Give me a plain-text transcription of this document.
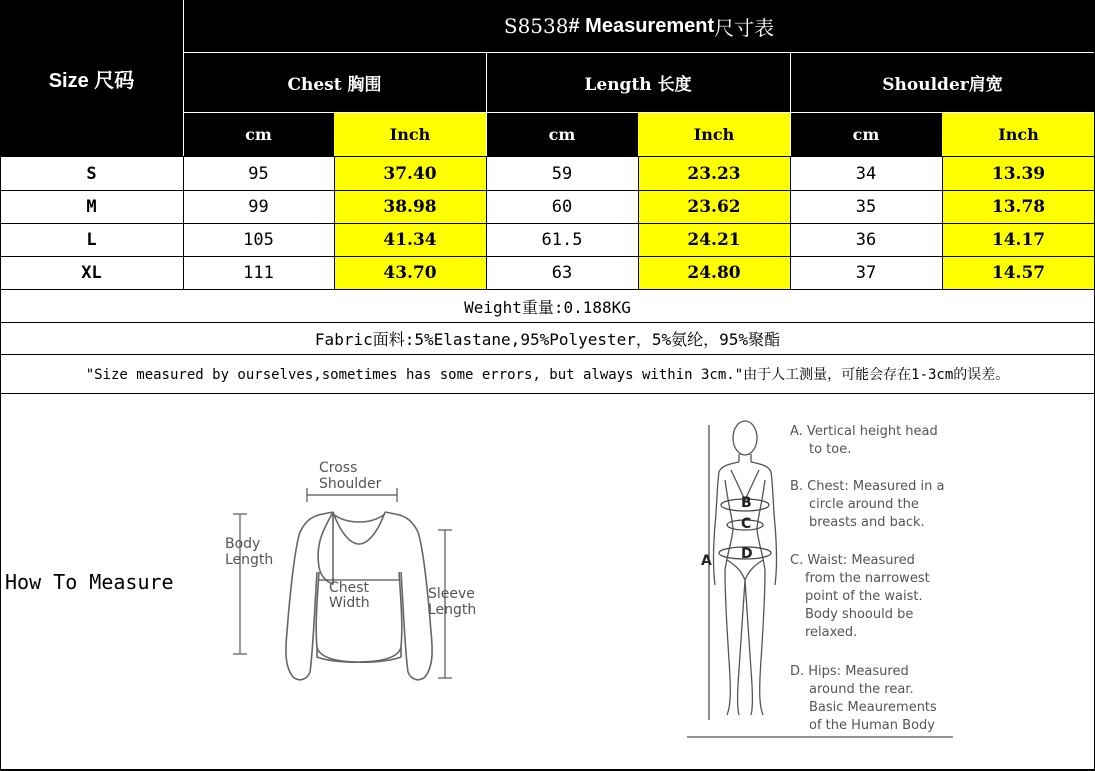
Size 尺码
S8538 # Measurement 尺寸表
Chest 胸围	Length 长度	Shoulder肩宽
cm	Inch	cm	Inch	cm	Inch
S	95	37.40	59	23.23	34	13.39
M	99	38.98	60	23.62	35	13.78
L	105	41.34	61.5	24.21	36	14.17
XL	111	43.70	63	24.80	37	14.57
Weight重量:0.188KG
Fabric面料:5%Elastane,95%Polyester，5%氨纶，95%聚酯
"Size measured by ourselves,sometimes has some errors, but always within 3cm."由于人工测量，可能会存在1-3cm的误差。
How To Measure
Cross
Shoulder
Body
Length
Chest
Width
Sleeve
Length
B
C
D
A
A. Vertical height head
to toe.
B. Chest: Measured in a
circle around the
breasts and back.
C. Waist: Measured
from the narrowest
point of the waist.
Body shoould be
relaxed.
D. Hips: Measured
around the rear.
Basic Meaurements
of the Human Body
